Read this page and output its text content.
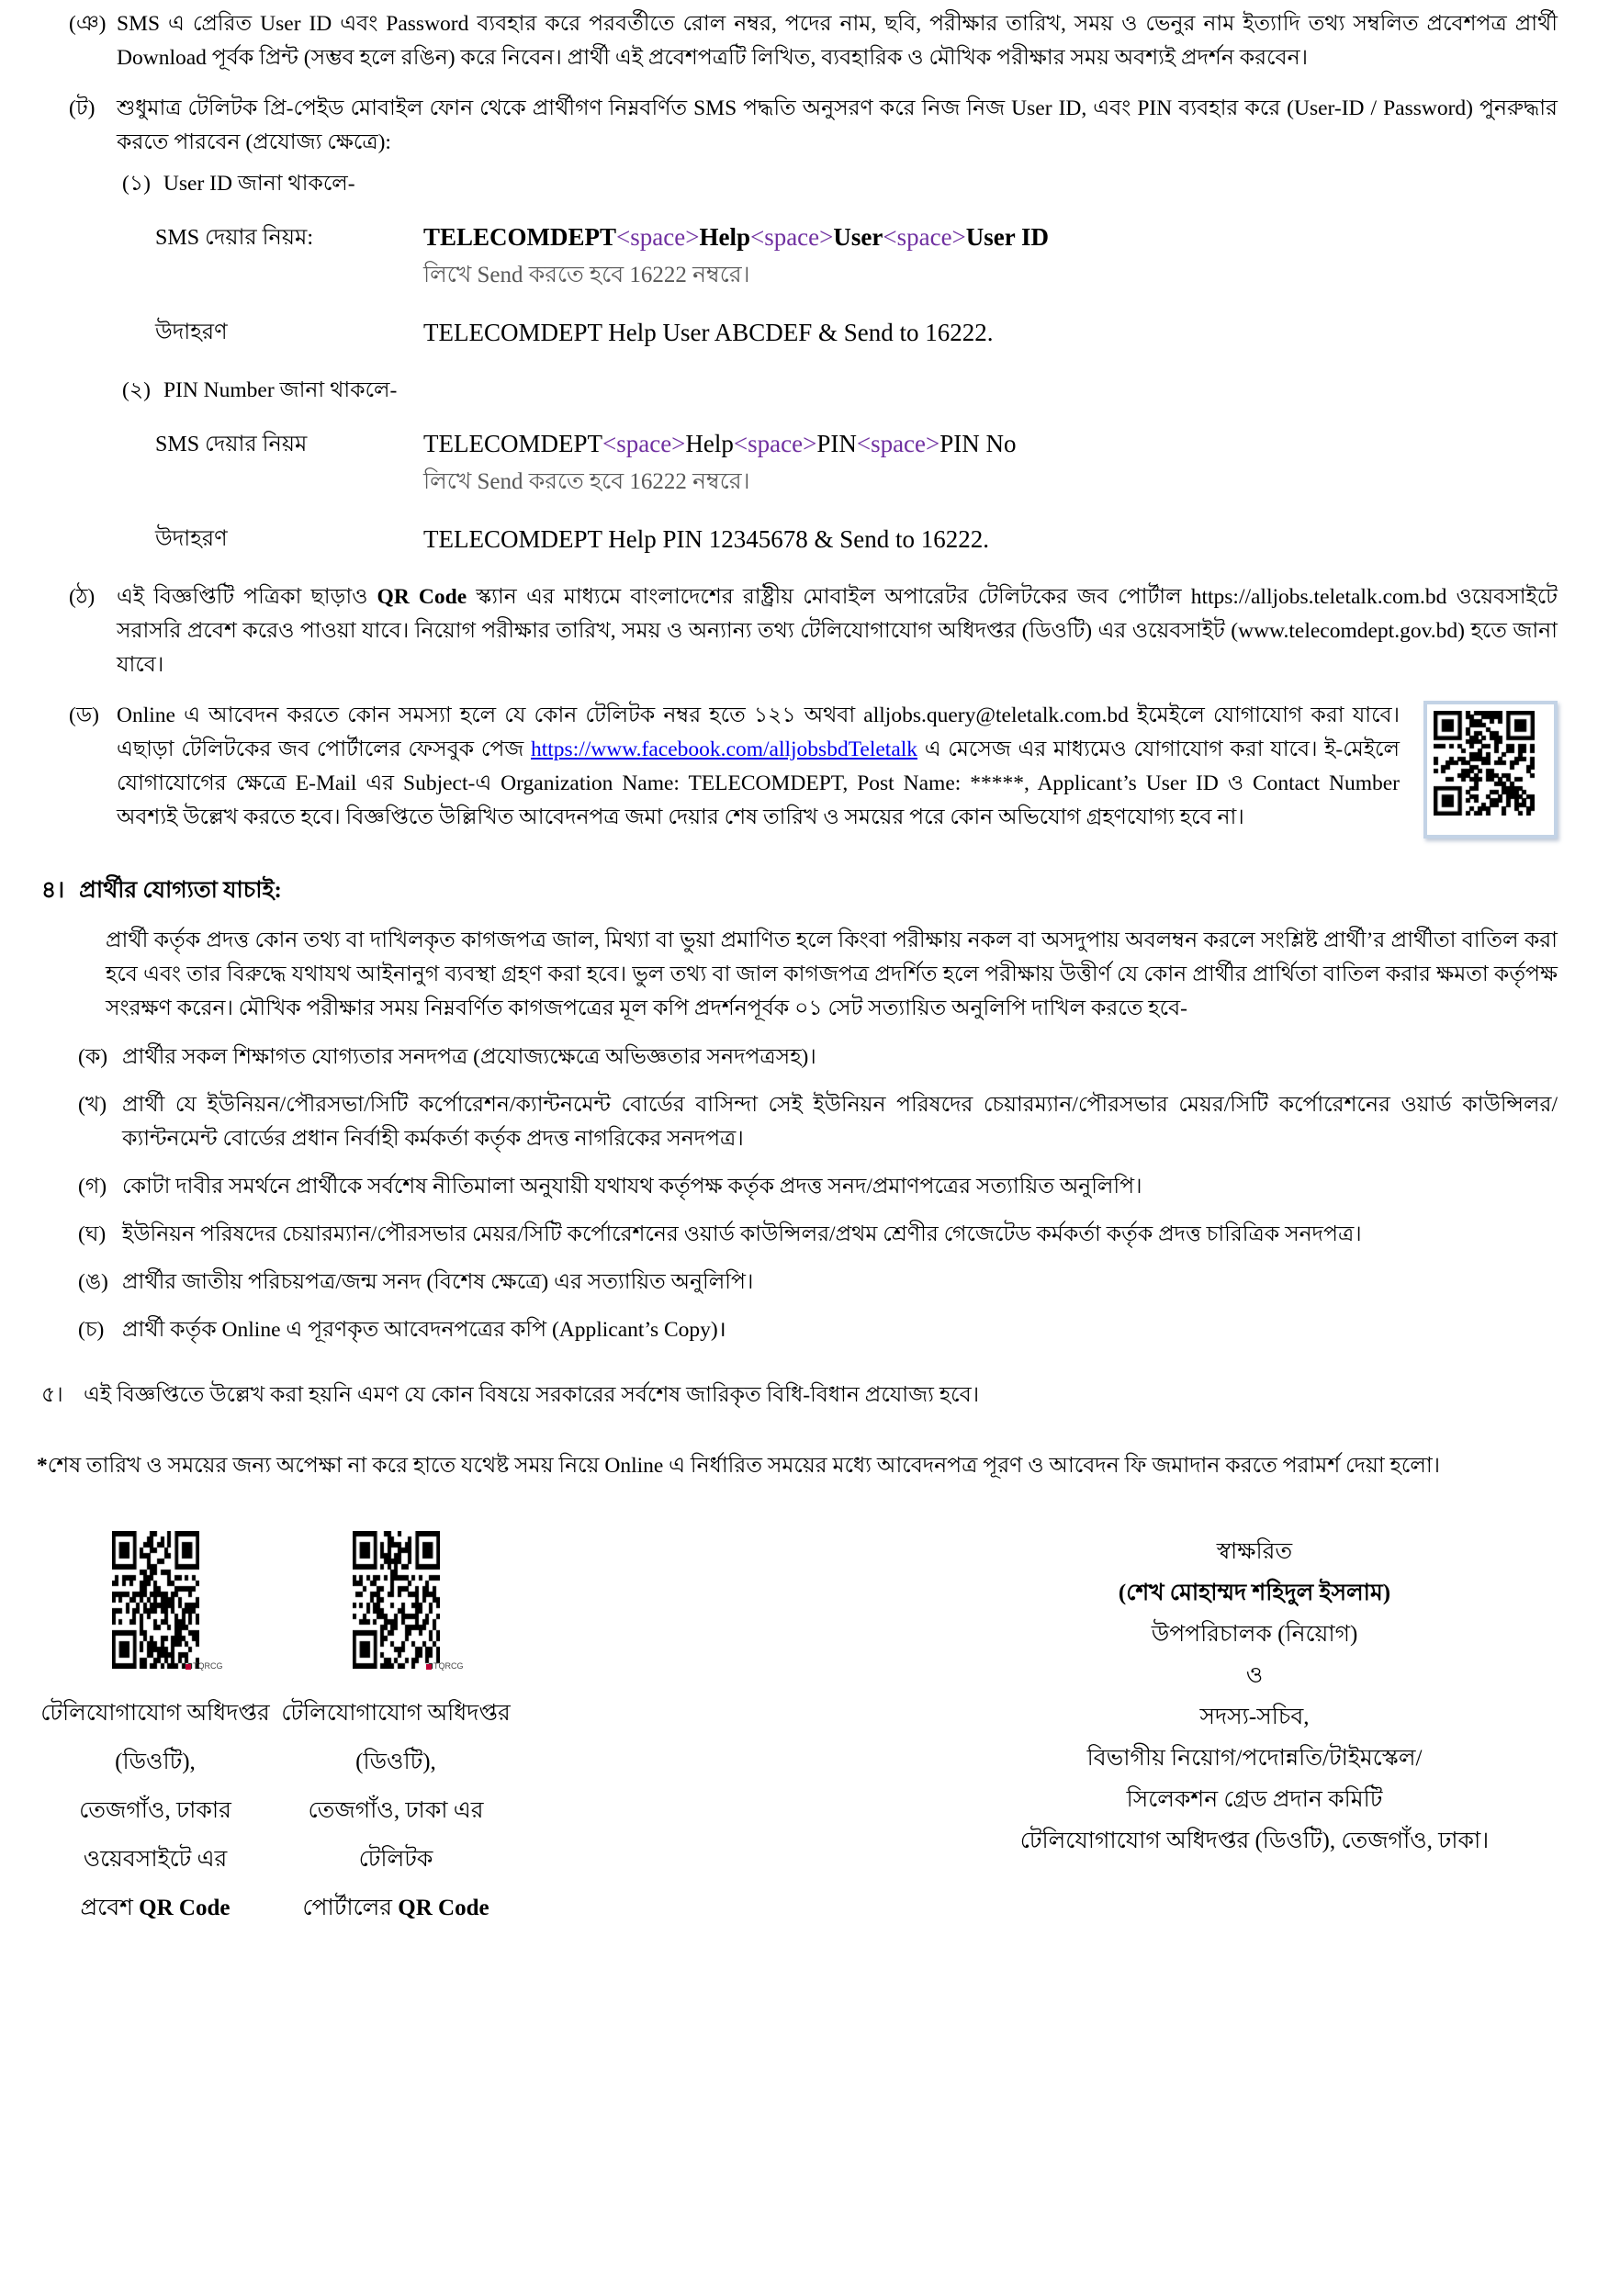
(ঞ) SMS এ প্রেরিত User ID এবং Password ব্যবহার করে পরবর্তীতে রোল নম্বর, পদের নাম, ছবি, পরীক্ষার তারিখ, সময় ও ভেনুর নাম ইত্যাদি তথ্য সম্বলিত প্রবেশপত্র প্রার্থী Download পূর্বক প্রিন্ট (সম্ভব হলে রঙিন) করে নিবেন। প্রার্থী এই প্রবেশপত্রটি লিখিত, ব্যবহারিক ও মৌখিক পরীক্ষার সময় অবশ্যই প্রদর্শন করবেন।
(ট)	শুধুমাত্র টেলিটক প্রি-পেইড মোবাইল ফোন থেকে প্রার্থীগণ নিম্নবর্ণিত SMS পদ্ধতি অনুসরণ করে নিজ নিজ User ID, এবং PIN ব্যবহার করে (User-ID / Password) পুনরুদ্ধার করতে পারবেন (প্রযোজ্য ক্ষেত্রে):
(১) User ID জানা থাকলে-
SMS দেয়ার নিয়ম:	TELECOMDEPT<space>Help<space>User<space>User ID
লিখে Send করতে হবে 16222 নম্বরে।
উদাহরণ	TELECOMDEPT Help User ABCDEF & Send to 16222.
(২) PIN Number জানা থাকলে-
SMS দেয়ার নিয়ম	TELECOMDEPT<space>Help<space>PIN<space>PIN No
লিখে Send করতে হবে 16222 নম্বরে।
উদাহরণ	TELECOMDEPT Help PIN 12345678 & Send to 16222.
(ঠ)	এই বিজ্ঞপ্তিটি পত্রিকা ছাড়াও QR Code স্ক্যান এর মাধ্যমে বাংলাদেশের রাষ্ট্রীয় মোবাইল অপারেটর টেলিটকের জব পোর্টাল https://alljobs.teletalk.com.bd ওয়েবসাইটে সরাসরি প্রবেশ করেও পাওয়া যাবে। নিয়োগ পরীক্ষার তারিখ, সময় ও অন্যান্য তথ্য টেলিযোগাযোগ অধিদপ্তর (ডিওটি) এর ওয়েবসাইট (www.telecomdept.gov.bd) হতে জানা যাবে।
(ড) Online এ আবেদন করতে কোন সমস্যা হলে যে কোন টেলিটক নম্বর হতে ১২১ অথবা alljobs.query@teletalk.com.bd ইমেইলে যোগাযোগ করা যাবে। এছাড়া টেলিটকের জব পোর্টালের ফেসবুক পেজ https://www.facebook.com/alljobsbdTeletalk এ মেসেজ এর মাধ্যমেও যোগাযোগ করা যাবে। ই-মেইলে যোগাযোগের ক্ষেত্রে E-Mail এর Subject-এ Organization Name: TELECOMDEPT, Post Name: *****, Applicant’s User ID ও Contact Number অবশ্যই উল্লেখ করতে হবে। বিজ্ঞপ্তিতে উল্লিখিত আবেদনপত্র জমা দেয়ার শেষ তারিখ ও সময়ের পরে কোন অভিযোগ গ্রহণযোগ্য হবে না।
৪। প্রার্থীর যোগ্যতা যাচাই:
প্রার্থী কর্তৃক প্রদত্ত কোন তথ্য বা দাখিলকৃত কাগজপত্র জাল, মিথ্যা বা ভুয়া প্রমাণিত হলে কিংবা পরীক্ষায় নকল বা অসদুপায় অবলম্বন করলে সংশ্লিষ্ট প্রার্থী’র প্রার্থীতা বাতিল করা হবে এবং তার বিরুদ্ধে যথাযথ আইনানুগ ব্যবস্থা গ্রহণ করা হবে। ভুল তথ্য বা জাল কাগজপত্র প্রদর্শিত হলে পরীক্ষায় উত্তীর্ণ যে কোন প্রার্থীর প্রার্থিতা বাতিল করার ক্ষমতা কর্তৃপক্ষ সংরক্ষণ করেন। মৌখিক পরীক্ষার সময় নিম্নবর্ণিত কাগজপত্রের মূল কপি প্রদর্শনপূর্বক ০১ সেট সত্যায়িত অনুলিপি দাখিল করতে হবে-
(ক) প্রার্থীর সকল শিক্ষাগত যোগ্যতার সনদপত্র (প্রযোজ্যক্ষেত্রে অভিজ্ঞতার সনদপত্রসহ)।
(খ) প্রার্থী যে ইউনিয়ন/পৌরসভা/সিটি কর্পোরেশন/ক্যান্টনমেন্ট বোর্ডের বাসিন্দা সেই ইউনিয়ন পরিষদের চেয়ারম্যান/পৌরসভার মেয়র/সিটি কর্পোরেশনের ওয়ার্ড কাউন্সিলর/ক্যান্টনমেন্ট বোর্ডের প্রধান নির্বাহী কর্মকর্তা কর্তৃক প্রদত্ত নাগরিকের সনদপত্র।
(গ) কোটা দাবীর সমর্থনে প্রার্থীকে সর্বশেষ নীতিমালা অনুযায়ী যথাযথ কর্তৃপক্ষ কর্তৃক প্রদত্ত সনদ/প্রমাণপত্রের সত্যায়িত অনুলিপি।
(ঘ) ইউনিয়ন পরিষদের চেয়ারম্যান/পৌরসভার মেয়র/সিটি কর্পোরেশনের ওয়ার্ড কাউন্সিলর/প্রথম শ্রেণীর গেজেটেড কর্মকর্তা কর্তৃক প্রদত্ত চারিত্রিক সনদপত্র।
(ঙ) প্রার্থীর জাতীয় পরিচয়পত্র/জন্ম সনদ (বিশেষ ক্ষেত্রে) এর সত্যায়িত অনুলিপি।
(চ) প্রার্থী কর্তৃক Online এ পূরণকৃত আবেদনপত্রের কপি (Applicant’s Copy)।
৫। এই বিজ্ঞপ্তিতে উল্লেখ করা হয়নি এমণ যে কোন বিষয়ে সরকারের সর্বশেষ জারিকৃত বিধি-বিধান প্রযোজ্য হবে।
*শেষ তারিখ ও সময়ের জন্য অপেক্ষা না করে হাতে যথেষ্ট সময় নিয়ে Online এ নির্ধারিত সময়ের মধ্যে আবেদনপত্র পূরণ ও আবেদন ফি জমাদান করতে পরামর্শ দেয়া হলো।
TQRCG
টেলিযোগাযোগ অধিদপ্তর (ডিওটি),
তেজগাঁও, ঢাকার ওয়েবসাইটে এর
প্রবেশ QR Code
TQRCG
টেলিযোগাযোগ অধিদপ্তর (ডিওটি),
তেজগাঁও, ঢাকা এর টেলিটক
পোর্টালের QR Code
স্বাক্ষরিত
(শেখ মোহাম্মদ শহিদুল ইসলাম)
উপপরিচালক (নিয়োগ)
ও
সদস্য-সচিব,
বিভাগীয় নিয়োগ/পদোন্নতি/টাইমস্কেল/
সিলেকশন গ্রেড প্রদান কমিটি
টেলিযোগাযোগ অধিদপ্তর (ডিওটি), তেজগাঁও, ঢাকা।
